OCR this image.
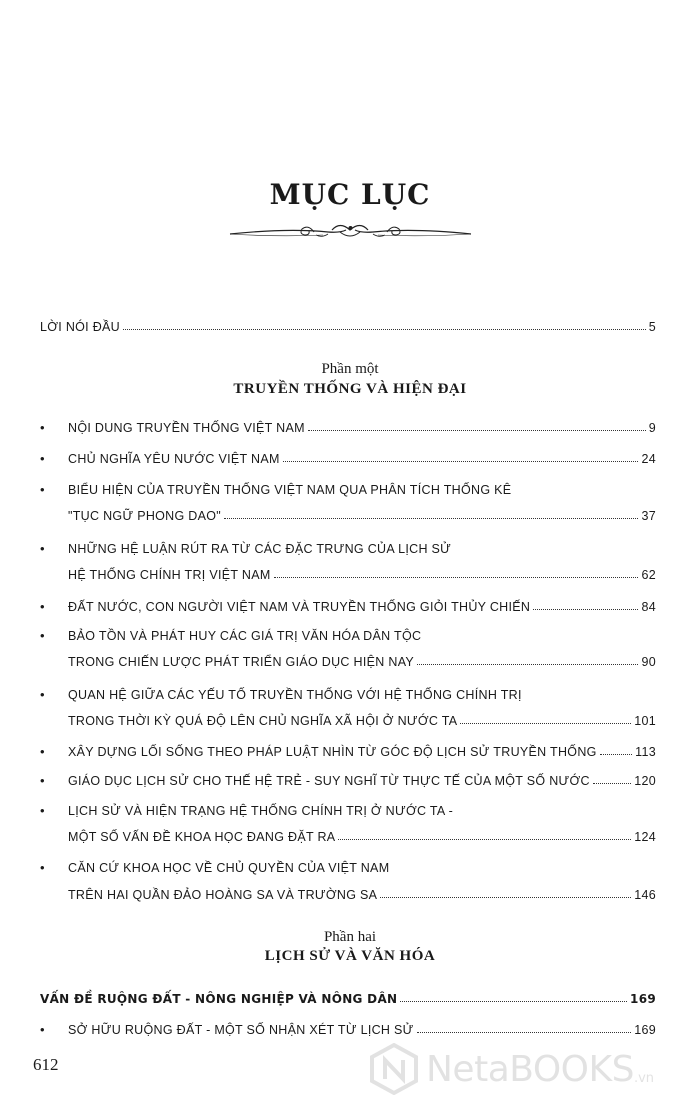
MỤC LỤC
LỜI NÓI ĐẦU	5
Phần một
TRUYỀN THỐNG VÀ HIỆN ĐẠI
•	NỘI DUNG TRUYỀN THỐNG VIỆT NAM	9
•	CHỦ NGHĨA YÊU NƯỚC VIỆT NAM	24
•	BIỂU HIỆN CỦA TRUYỀN THỐNG VIỆT NAM QUA PHÂN TÍCH THỐNG KÊ
"TỤC NGỮ PHONG DAO"	37
•	NHỮNG HỆ LUẬN RÚT RA TỪ CÁC ĐẶC TRƯNG CỦA LỊCH SỬ
HỆ THỐNG CHÍNH TRỊ VIỆT NAM	62
•	ĐẤT NƯỚC, CON NGƯỜI VIỆT NAM VÀ TRUYỀN THỐNG GIỎI THỦY CHIẾN	84
•	BẢO TỒN VÀ PHÁT HUY CÁC GIÁ TRỊ VĂN HÓA DÂN TỘC
TRONG CHIẾN LƯỢC PHÁT TRIỂN GIÁO DỤC HIỆN NAY	90
•	QUAN HỆ GIỮA CÁC YẾU TỐ TRUYỀN THỐNG VỚI HỆ THỐNG CHÍNH TRỊ
TRONG THỜI KỲ QUÁ ĐỘ LÊN CHỦ NGHĨA XÃ HỘI Ở NƯỚC TA	101
•	XÂY DỰNG LỐI SỐNG THEO PHÁP LUẬT NHÌN TỪ GÓC ĐỘ LỊCH SỬ TRUYỀN THỐNG	113
•	GIÁO DỤC LỊCH SỬ CHO THẾ HỆ TRẺ - SUY NGHĨ TỪ THỰC TẾ CỦA MỘT SỐ NƯỚC	120
•	LỊCH SỬ VÀ HIỆN TRẠNG HỆ THỐNG CHÍNH TRỊ Ở NƯỚC TA -
MỘT SỐ VẤN ĐỀ KHOA HỌC ĐANG ĐẶT RA	124
•	CĂN CỨ KHOA HỌC VỀ CHỦ QUYỀN CỦA VIỆT NAM
TRÊN HAI QUẦN ĐẢO HOÀNG SA VÀ TRƯỜNG SA	146
Phần hai
LỊCH SỬ VÀ VĂN HÓA
VẤN ĐỀ RUỘNG ĐẤT - NÔNG NGHIỆP VÀ NÔNG DÂN	169
•	SỞ HỮU RUỘNG ĐẤT - MỘT SỐ NHẬN XÉT TỪ LỊCH SỬ	169
612	NetaBOOKS .vn
